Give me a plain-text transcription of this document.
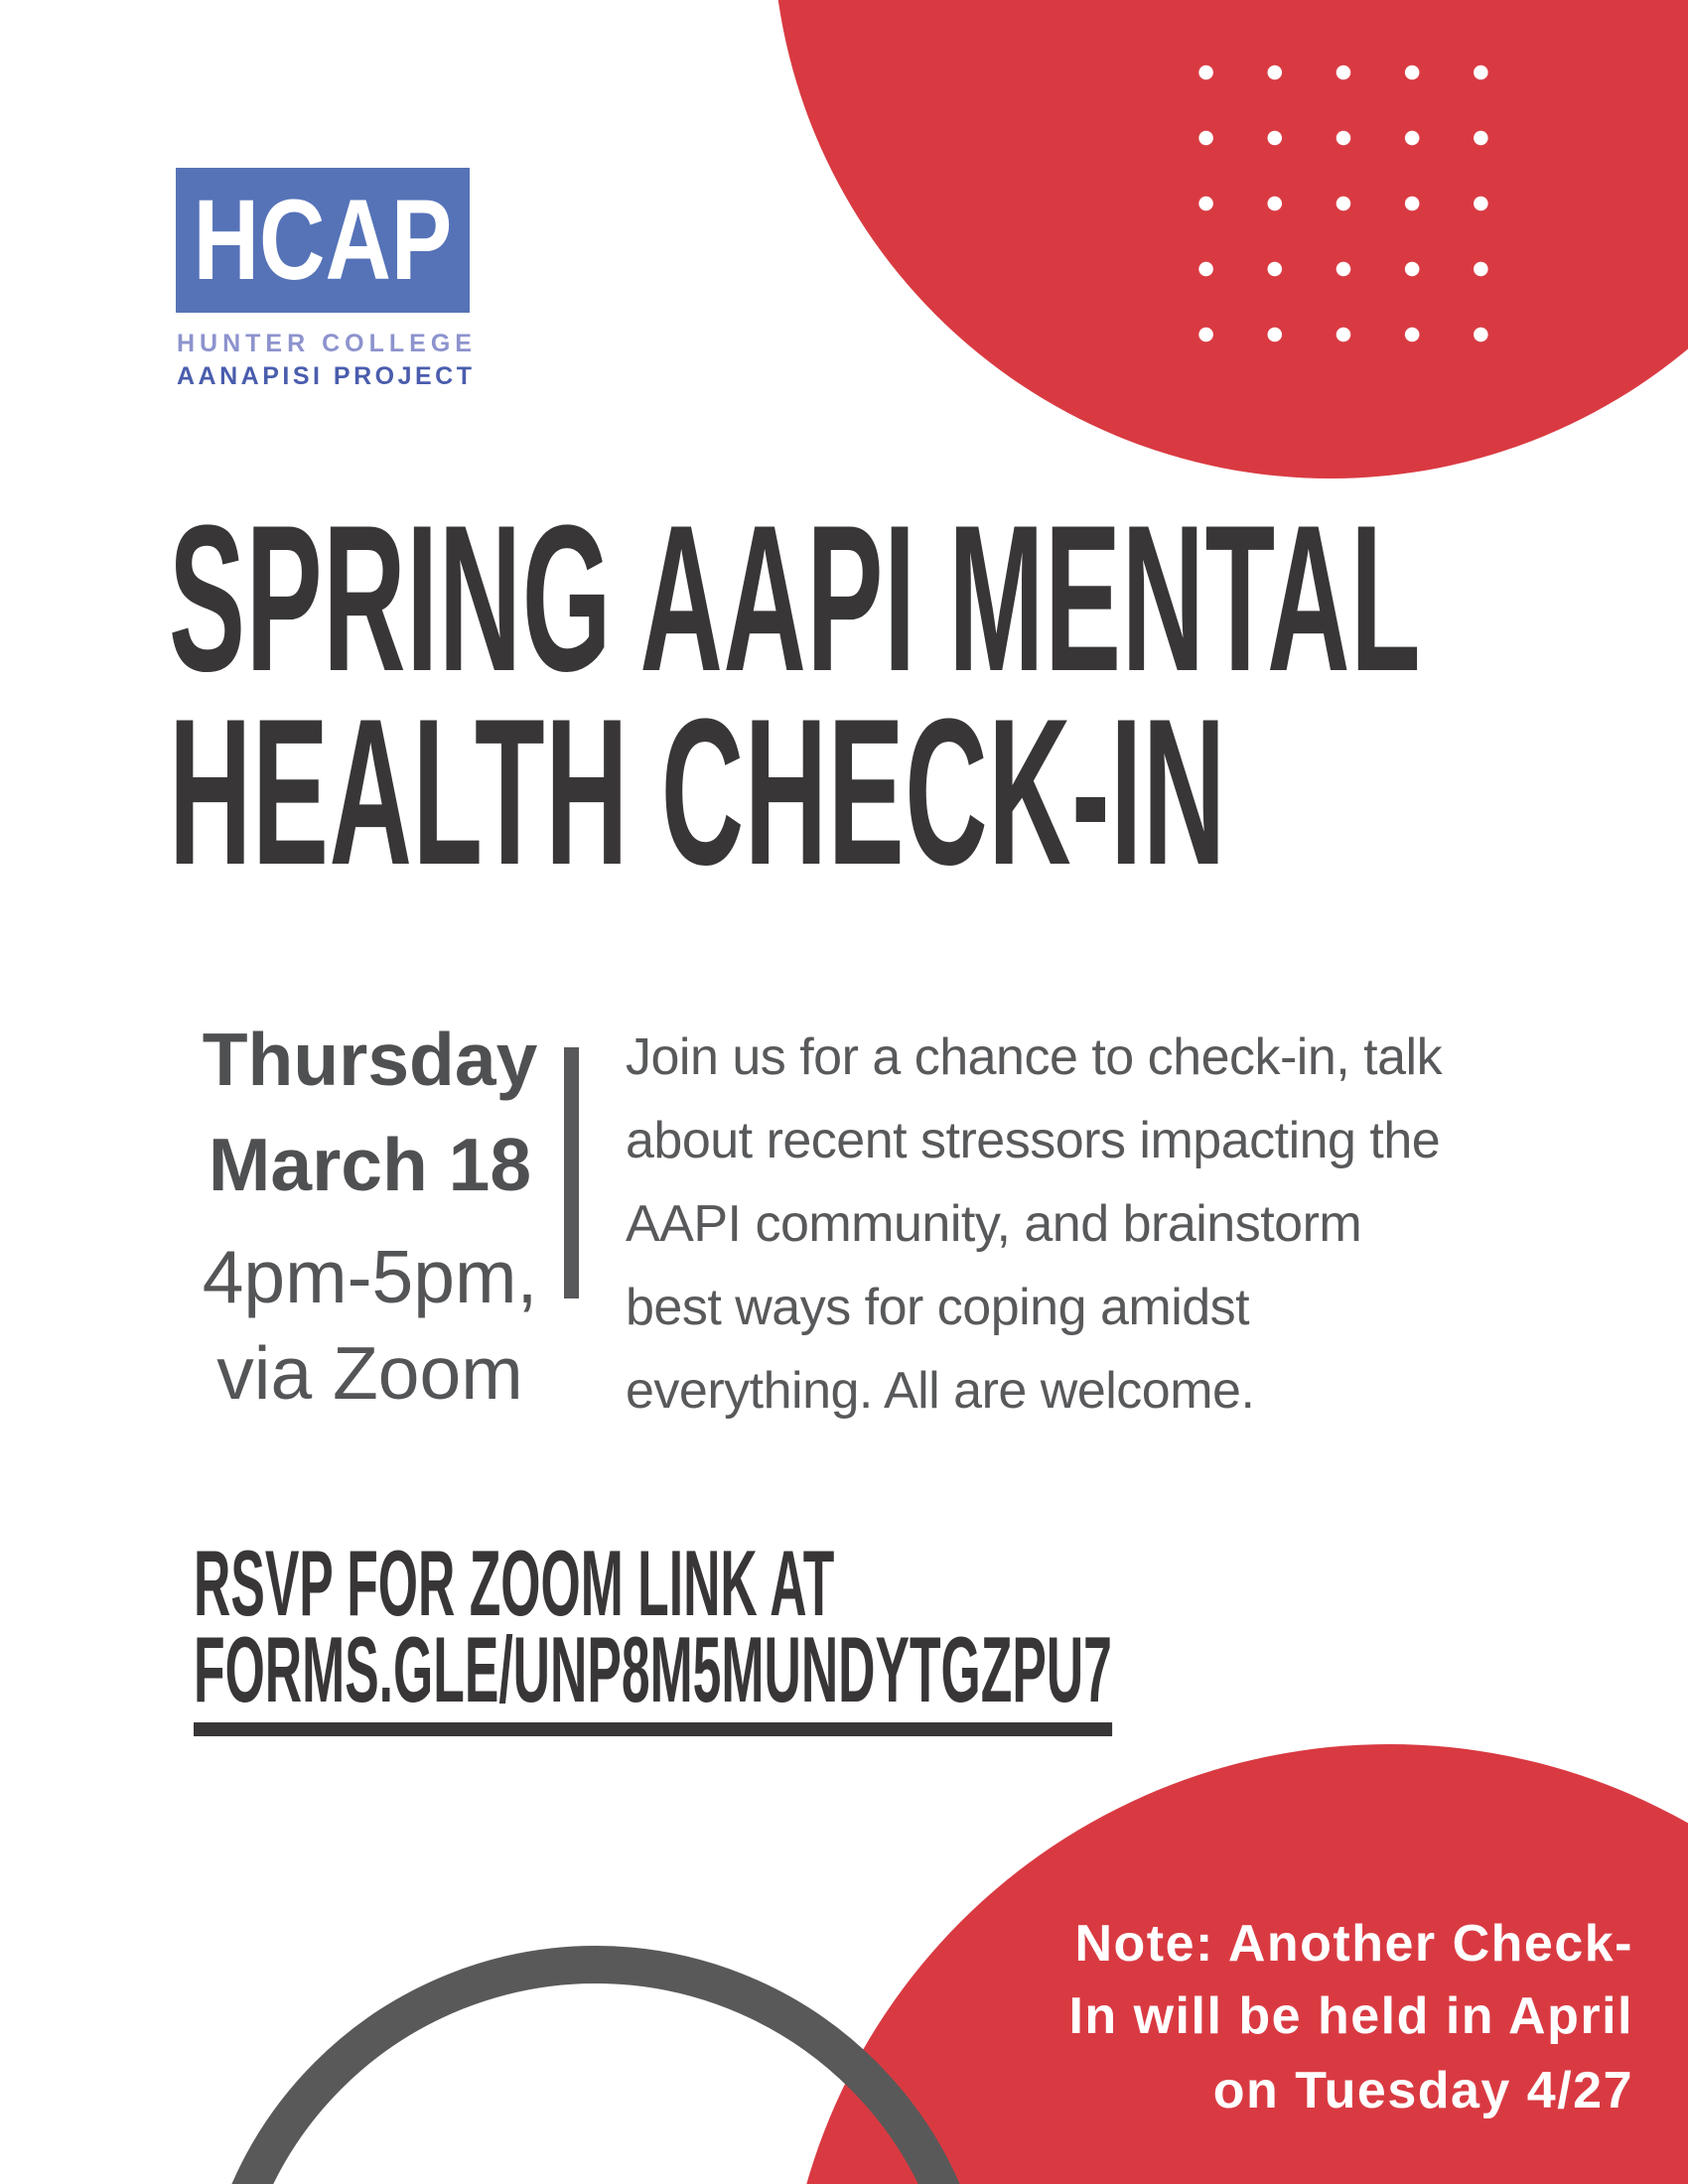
HCAP
HUNTER COLLEGE
AANAPISI PROJECT
SPRING AAPI MENTAL
HEALTH CHECK-IN
Thursday
March 18
4pm-5pm,
via Zoom
Join us for a chance to check-in, talk
about recent stressors impacting the
AAPI community, and brainstorm
best ways for coping amidst
everything. All are welcome.
RSVP FOR ZOOM LINK AT
FORMS.GLE/UNP8M5MUNDYTGZPU7
Note: Another Check-
In will be held in April
on Tuesday 4/27
